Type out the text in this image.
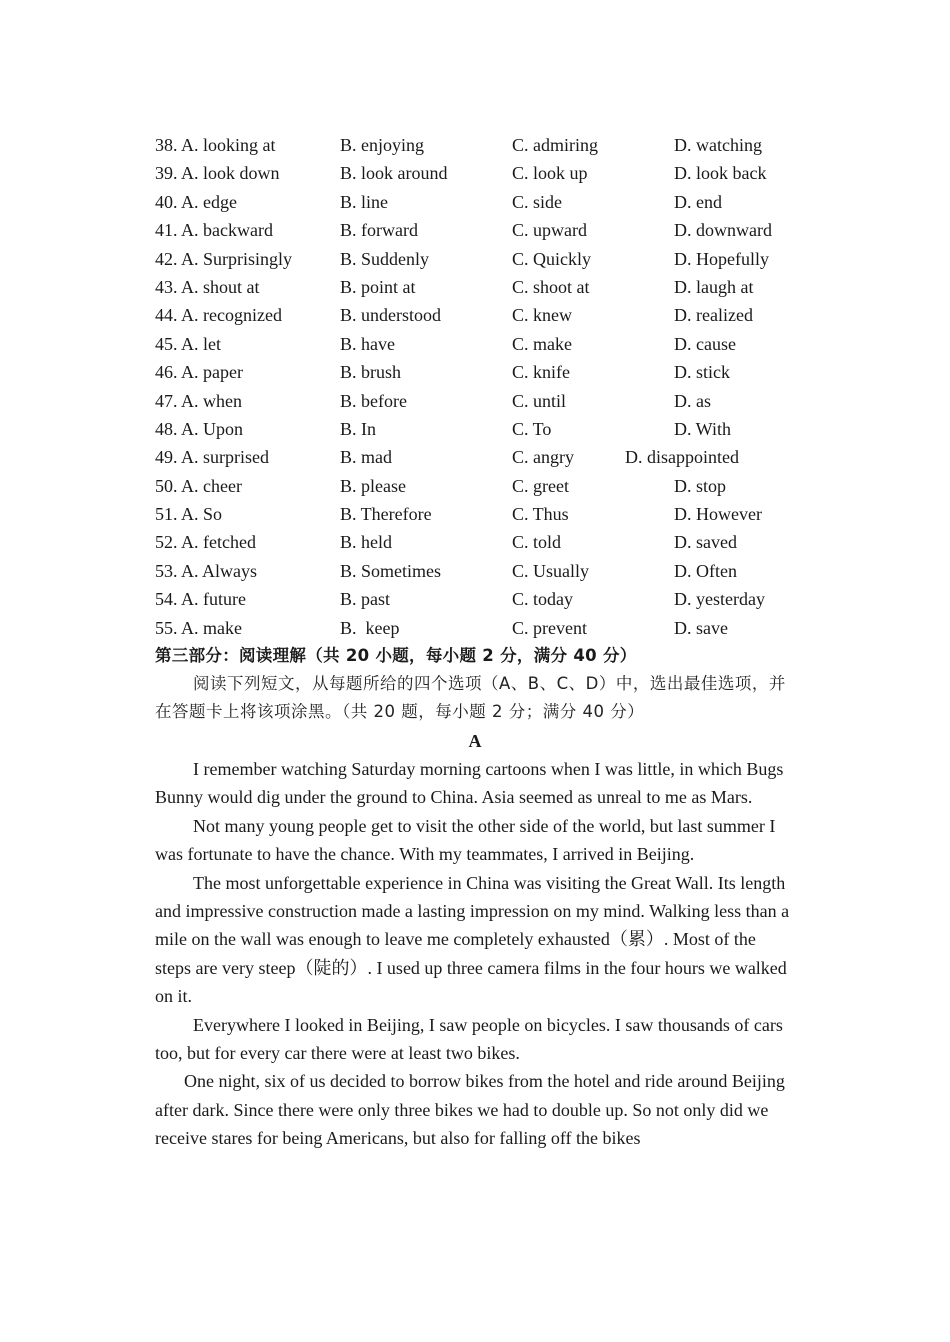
38. A. looking at	B. enjoying	C. admiring	D. watching
39. A. look down	B. look around	C. look up	D. look back
40. A. edge	B. line	C. side	D. end
41. A. backward	B. forward	C. upward	D. downward
42. A. Surprisingly	B. Suddenly	C. Quickly	D. Hopefully
43. A. shout at	B. point at	C. shoot at	D. laugh at
44. A. recognized	B. understood	C. knew	D. realized
45. A. let	B. have	C. make	D. cause
46. A. paper	B. brush	C. knife	D. stick
47. A. when	B. before	C. until	D. as
48. A. Upon	B. In	C. To	D. With
49. A. surprised	B. mad	C. angry	D. disappointed
50. A. cheer	B. please	C. greet	D. stop
51. A. So	B. Therefore	C. Thus	D. However
52. A. fetched	B. held	C. told	D. saved
53. A. Always	B. Sometimes	C. Usually	D. Often
54. A. future	B. past	C. today	D. yesterday
55. A. make	B.  keep	C. prevent	D. save
第三部分：阅读理解（共 20 小题，每小题 2 分，满分 40 分）
阅读下列短文，从每题所给的四个选项（A、B、C、D）中，选出最佳选项，并在答题卡上将该项涂黑。（共 20 题，每小题 2 分；满分 40 分）
A

I remember watching Saturday morning cartoons when I was little, in which Bugs Bunny would dig under the ground to China. Asia seemed as unreal to me as Mars.

Not many young people get to visit the other side of the world, but last summer I was fortunate to have the chance. With my teammates, I arrived in Beijing.

The most unforgettable experience in China was visiting the Great Wall. Its length and impressive construction made a lasting impression on my mind. Walking less than a mile on the wall was enough to leave me completely exhausted（累）. Most of the steps are very steep（陡的）. I used up three camera films in the four hours we walked on it.

Everywhere I looked in Beijing, I saw people on bicycles. I saw thousands of cars too, but for every car there were at least two bikes.

One night, six of us decided to borrow bikes from the hotel and ride around Beijing after dark. Since there were only three bikes we had to double up. So not only did we receive stares for being Americans, but also for falling off the bikes
